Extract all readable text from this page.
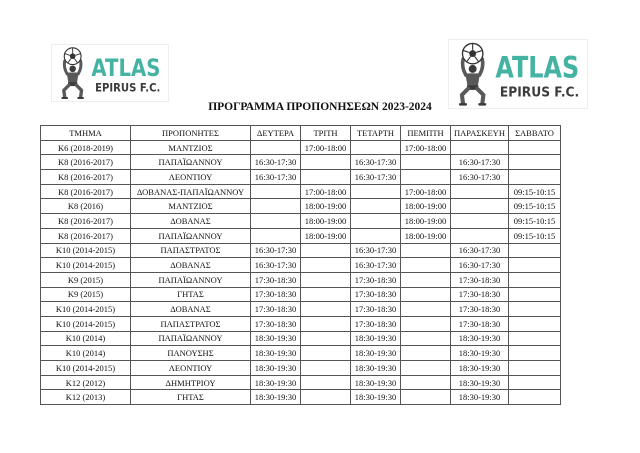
ATLAS
EPIRUS F.C.
ATLAS
EPIRUS F.C.
ΠΡΟΓΡΑΜΜΑ ΠΡΟΠΟΝΗΣΕΩΝ 2023-2024
ΤΜΗΜΑ	ΠΡΟΠΟΝΗΤΕΣ	ΔΕΥΤΕΡΑ	ΤΡΙΤΗ	ΤΕΤΑΡΤΗ	ΠΕΜΠΤΗ	ΠΑΡΑΣΚΕΥΗ	ΣΑΒΒΑΤΟ
Κ6 (2018-2019)	ΜΑΝΤΖΙΟΣ		17:00-18:00		17:00-18:00		
Κ8 (2016-2017)	ΠΑΠΑΪΩΑΝΝΟΥ	16:30-17:30		16:30-17:30		16:30-17:30	
Κ8 (2016-2017)	ΛΕΟΝΤΙΟΥ	16:30-17:30		16:30-17:30		16:30-17:30	
Κ8 (2016-2017)	ΔΟΒΑΝΑΣ-ΠΑΠΑΪΩΑΝΝΟΥ		17:00-18:00		17:00-18:00		09:15-10:15
Κ8 (2016)	ΜΑΝΤΖΙΟΣ		18:00-19:00		18:00-19:00		09:15-10:15
Κ8 (2016-2017)	ΔΟΒΑΝΑΣ		18:00-19:00		18:00-19:00		09:15-10:15
Κ8 (2016-2017)	ΠΑΠΑΪΩΑΝΝΟΥ		18:00-19:00		18:00-19:00		09:15-10:15
Κ10 (2014-2015)	ΠΑΠΑΣΤΡΑΤΟΣ	16:30-17:30		16:30-17:30		16:30-17:30	
Κ10 (2014-2015)	ΔΟΒΑΝΑΣ	16:30-17:30		16:30-17:30		16:30-17:30	
Κ9 (2015)	ΠΑΠΑΪΩΑΝΝΟΥ	17:30-18:30		17:30-18:30		17:30-18:30	
Κ9 (2015)	ΓΗΤΑΣ	17:30-18:30		17:30-18:30		17:30-18:30	
Κ10 (2014-2015)	ΔΟΒΑΝΑΣ	17:30-18:30		17:30-18:30		17:30-18:30	
Κ10 (2014-2015)	ΠΑΠΑΣΤΡΑΤΟΣ	17:30-18:30		17:30-18:30		17:30-18:30	
Κ10 (2014)	ΠΑΠΑΪΩΑΝΝΟΥ	18:30-19:30		18:30-19:30		18:30-19:30	
Κ10 (2014)	ΠΑΝΟΥΣΗΣ	18:30-19:30		18:30-19:30		18:30-19:30	
Κ10 (2014-2015)	ΛΕΟΝΤΙΟΥ	18:30-19:30		18:30-19:30		18:30-19:30	
Κ12 (2012)	ΔΗΜΗΤΡΙΟΥ	18:30-19:30		18:30-19:30		18:30-19:30	
Κ12 (2013)	ΓΗΤΑΣ	18:30-19:30		18:30-19:30		18:30-19:30	
